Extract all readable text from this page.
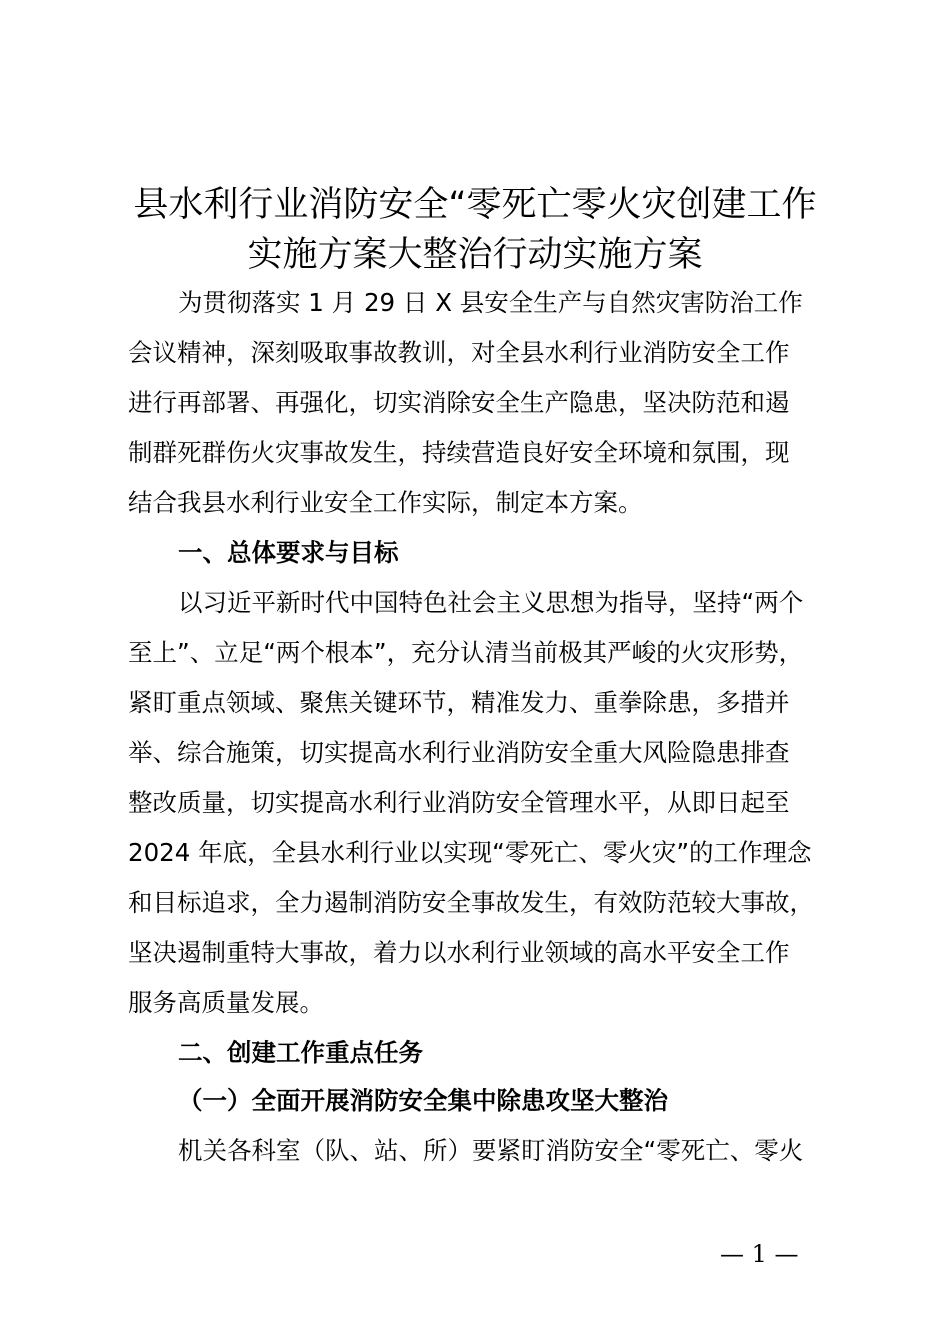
县水利行业消防安全“零死亡零火灾创建工作
实施方案大整治行动实施方案
为贯彻落实 1 月 29 日 X 县安全生产与自然灾害防治工作
会议精神，深刻吸取事故教训，对全县水利行业消防安全工作
进行再部署、再强化，切实消除安全生产隐患，坚决防范和遏
制群死群伤火灾事故发生，持续营造良好安全环境和氛围，现
结合我县水利行业安全工作实际，制定本方案。
一、总体要求与目标
以习近平新时代中国特色社会主义思想为指导，坚持“两个
至上”、立足“两个根本”，充分认清当前极其严峻的火灾形势，
紧盯重点领域、聚焦关键环节，精准发力、重拳除患，多措并
举、综合施策，切实提高水利行业消防安全重大风险隐患排查
整改质量，切实提高水利行业消防安全管理水平，从即日起至
2024 年底，全县水利行业以实现“零死亡、零火灾”的工作理念
和目标追求，全力遏制消防安全事故发生，有效防范较大事故，
坚决遏制重特大事故，着力以水利行业领域的高水平安全工作
服务高质量发展。
二、创建工作重点任务
（一）全面开展消防安全集中除患攻坚大整治
机关各科室（队、站、所）要紧盯消防安全“零死亡、零火
— 1 —
